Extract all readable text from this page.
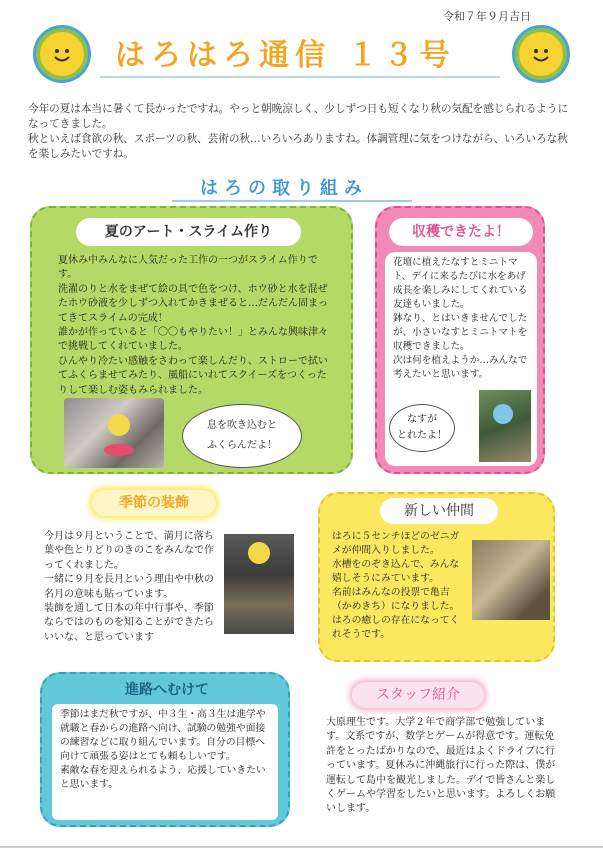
令和７年９月吉日
はろはろ通信 １３号
今年の夏は本当に暑くて長かったですね。やっと朝晩涼しく、少しずつ日も短くなり秋の気配を感じられるようになってきました。
秋といえば食欲の秋、スポーツの秋、芸術の秋…いろいろありますね。体調管理に気をつけながら、いろいろな秋を楽しみたいですね。
はろの取り組み
夏のアート・スライム作り
夏休み中みんなに人気だった工作の一つがスライム作りです。
洗濯のりと水をまぜて絵の具で色をつけ、ホウ砂と水を混ぜたホウ砂液を少しずつ入れてかきまぜると…だんだん固まってきてスライムの完成！
誰かが作っていると「〇〇もやりたい！」とみんな興味津々で挑戦してくれていました。
ひんやり冷たい感触をさわって楽しんだり、ストローで拭いてふくらませてみたり、風船にいれてスクイーズをつくったりして楽しむ姿もみられました。
息を吹き込むと
ふくらんだよ！
収穫できたよ！
花壇に植えたなすとミニトマト、デイに来るたびに水をあげ成長を楽しみにしてくれている友達もいました。
鉢なり、とはいきませんでしたが、小さいなすとミニトマトを収穫できました。
次は何を植えようか…みんなで考えたいと思います。
なすが
とれたよ！
季節の装飾
今月は９月ということで、満月に落ち葉や色とりどりのきのこをみんなで作ってくれました。
一緒に９月を長月という理由や中秋の名月の意味も貼っています。
装飾を通して日本の年中行事や、季節ならではのものを知ることができたらいいな、と思っています
新しい仲間
はろに５センチほどのゼニガメが仲間入りしました。
水槽をのぞき込んで、みんな嬉しそうにみています。
名前はみんなの投票で亀吉（かめきち）になりました。はろの癒しの存在になってくれそうです。
進路へむけて
季節はまだ秋ですが、中３生・高３生は進学や就職と春からの進路へ向け、試験の勉強や面接の練習などに取り組んでいます。自分の目標へ向けて頑張る姿はとても頼もしいです。
素敵な春を迎えられるよう、応援していきたいと思います。
スタッフ紹介
大原理生です。大学２年で商学部で勉強しています。文系ですが、数学とゲームが得意です。運転免許をとったばかりなので、最近はよくドライブに行っています。夏休みに沖縄旅行に行った際は、僕が運転して島中を観光しました。デイで皆さんと楽しくゲームや学習をしたいと思います。よろしくお願いします。
